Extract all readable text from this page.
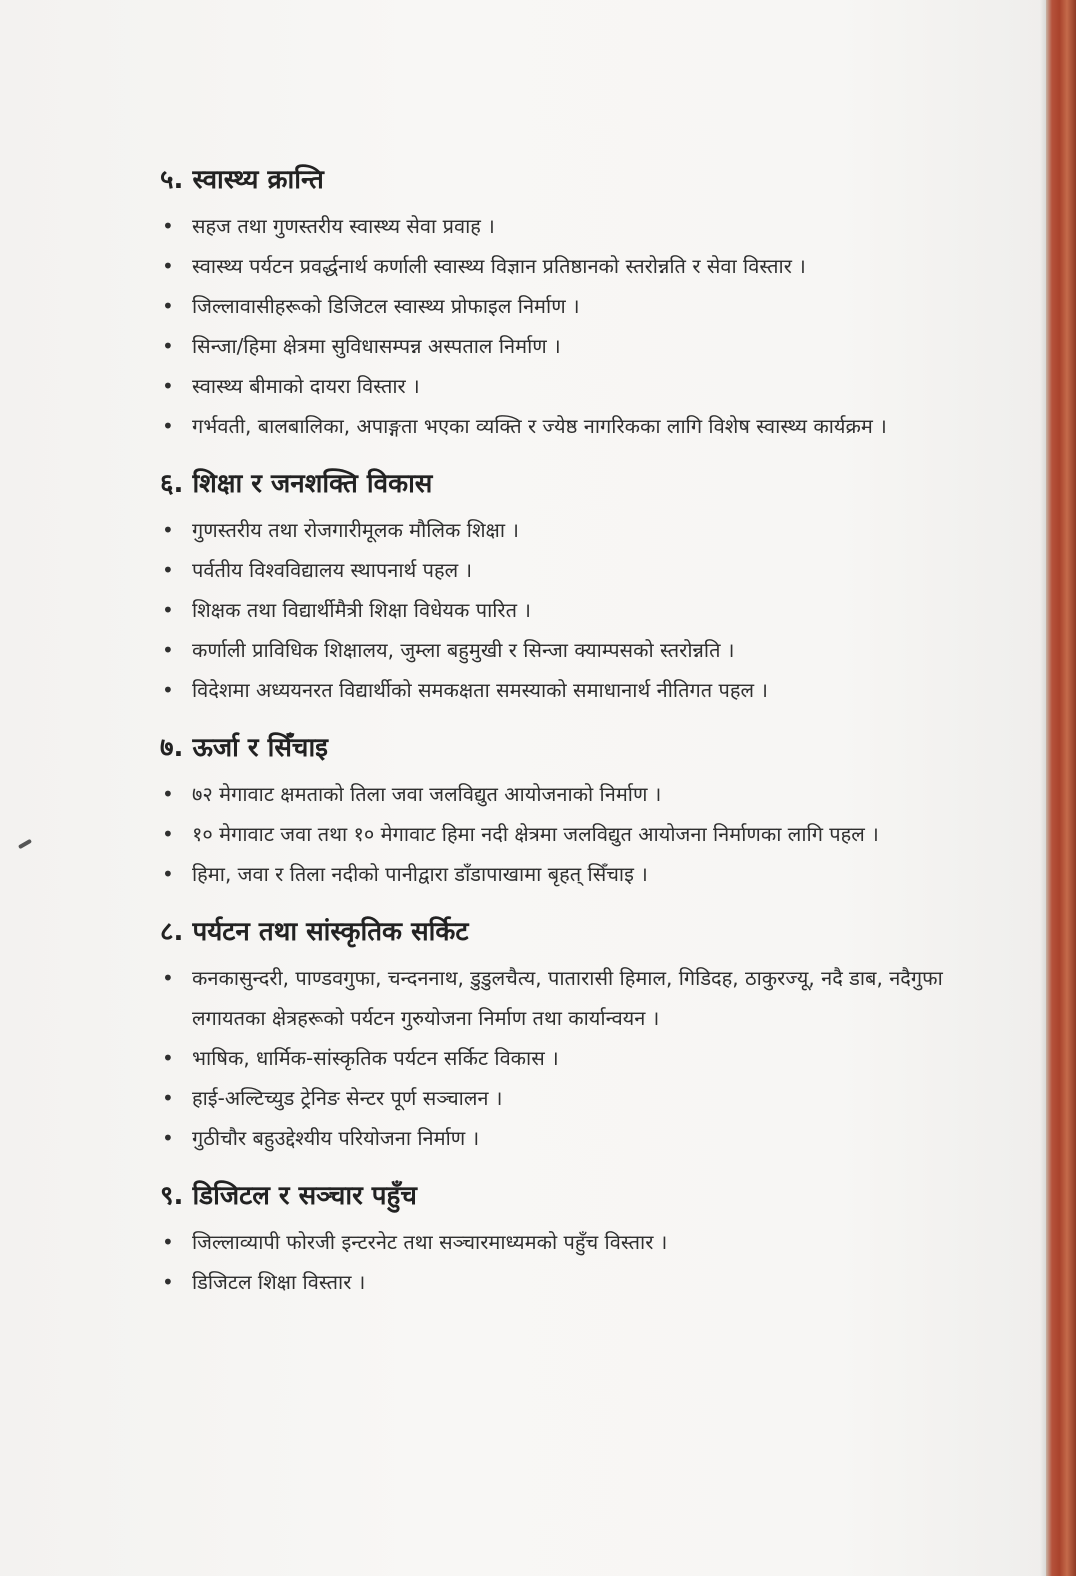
५. स्वास्थ्य क्रान्ति
• सहज तथा गुणस्तरीय स्वास्थ्य सेवा प्रवाह ।
• स्वास्थ्य पर्यटन प्रवर्द्धनार्थ कर्णाली स्वास्थ्य विज्ञान प्रतिष्ठानको स्तरोन्नति र सेवा विस्तार ।
• जिल्लावासीहरूको डिजिटल स्वास्थ्य प्रोफाइल निर्माण ।
• सिन्जा/हिमा क्षेत्रमा सुविधासम्पन्न अस्पताल निर्माण ।
• स्वास्थ्य बीमाको दायरा विस्तार ।
• गर्भवती, बालबालिका, अपाङ्गता भएका व्यक्ति र ज्येष्ठ नागरिकका लागि विशेष स्वास्थ्य कार्यक्रम ।
६. शिक्षा र जनशक्ति विकास
• गुणस्तरीय तथा रोजगारीमूलक मौलिक शिक्षा ।
• पर्वतीय विश्वविद्यालय स्थापनार्थ पहल ।
• शिक्षक तथा विद्यार्थीमैत्री शिक्षा विधेयक पारित ।
• कर्णाली प्राविधिक शिक्षालय, जुम्ला बहुमुखी र सिन्जा क्याम्पसको स्तरोन्नति ।
• विदेशमा अध्ययनरत विद्यार्थीको समकक्षता समस्याको समाधानार्थ नीतिगत पहल ।
७. ऊर्जा र सिँचाइ
• ७२ मेगावाट क्षमताको तिला जवा जलविद्युत आयोजनाको निर्माण ।
• १० मेगावाट जवा तथा १० मेगावाट हिमा नदी क्षेत्रमा जलविद्युत आयोजना निर्माणका लागि पहल ।
• हिमा, जवा र तिला नदीको पानीद्वारा डाँडापाखामा बृहत् सिँचाइ ।
८. पर्यटन तथा सांस्कृतिक सर्किट
• कनकासुन्दरी, पाण्डवगुफा, चन्दननाथ, डुडुलचैत्य, पातारासी हिमाल, गिडिदह, ठाकुरज्यू, नदै डाब, नदैगुफा लगायतका क्षेत्रहरूको पर्यटन गुरुयोजना निर्माण तथा कार्यान्वयन ।
• भाषिक, धार्मिक-सांस्कृतिक पर्यटन सर्किट विकास ।
• हाई-अल्टिच्युड ट्रेनिङ सेन्टर पूर्ण सञ्चालन ।
• गुठीचौर बहुउद्देश्यीय परियोजना निर्माण ।
९. डिजिटल र सञ्चार पहुँच
• जिल्लाव्यापी फोरजी इन्टरनेट तथा सञ्चारमाध्यमको पहुँच विस्तार ।
• डिजिटल शिक्षा विस्तार ।
